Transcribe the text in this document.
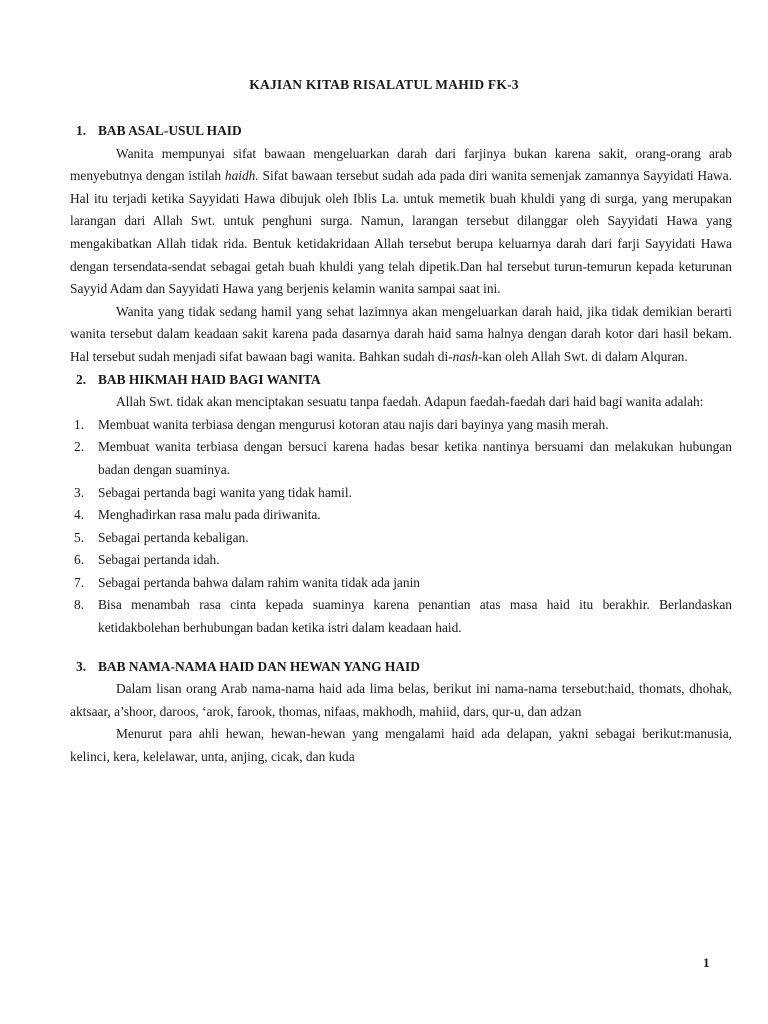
KAJIAN KITAB RISALATUL MAHID FK-3
1. BAB ASAL-USUL HAID
Wanita mempunyai sifat bawaan mengeluarkan darah dari farjinya bukan karena sakit, orang-orang arab menyebutnya dengan istilah haidh. Sifat bawaan tersebut sudah ada pada diri wanita semenjak zamannya Sayyidati Hawa. Hal itu terjadi ketika Sayyidati Hawa dibujuk oleh Iblis La. untuk memetik buah khuldi yang di surga, yang merupakan larangan dari Allah Swt. untuk penghuni surga. Namun, larangan tersebut dilanggar oleh Sayyidati Hawa yang mengakibatkan Allah tidak rida. Bentuk ketidakridaan Allah tersebut berupa keluarnya darah dari farji Sayyidati Hawa dengan tersendata-sendat sebagai getah buah khuldi yang telah dipetik.Dan hal tersebut turun-temurun kepada keturunan Sayyid Adam dan Sayyidati Hawa yang berjenis kelamin wanita sampai saat ini.
Wanita yang tidak sedang hamil yang sehat lazimnya akan mengeluarkan darah haid, jika tidak demikian berarti wanita tersebut dalam keadaan sakit karena pada dasarnya darah haid sama halnya dengan darah kotor dari hasil bekam. Hal tersebut sudah menjadi sifat bawaan bagi wanita. Bahkan sudah di-nash-kan oleh Allah Swt. di dalam Alquran.
2. BAB HIKMAH HAID BAGI WANITA
Allah Swt. tidak akan menciptakan sesuatu tanpa faedah. Adapun faedah-faedah dari haid bagi wanita adalah:
1. Membuat wanita terbiasa dengan mengurusi kotoran atau najis dari bayinya yang masih merah.
2. Membuat wanita terbiasa dengan bersuci karena hadas besar ketika nantinya bersuami dan melakukan hubungan badan dengan suaminya.
3. Sebagai pertanda bagi wanita yang tidak hamil.
4. Menghadirkan rasa malu pada diriwanita.
5. Sebagai pertanda kebaligan.
6. Sebagai pertanda idah.
7. Sebagai pertanda bahwa dalam rahim wanita tidak ada janin
8. Bisa menambah rasa cinta kepada suaminya karena penantian atas masa haid itu berakhir. Berlandaskan ketidakbolehan berhubungan badan ketika istri dalam keadaan haid.
3. BAB NAMA-NAMA HAID DAN HEWAN YANG HAID
Dalam lisan orang Arab nama-nama haid ada lima belas, berikut ini nama-nama tersebut:haid, thomats, dhohak, aktsaar, a’shoor, daroos, ‘arok, farook, thomas, nifaas, makhodh, mahiid, dars, qur-u, dan adzan
Menurut para ahli hewan, hewan-hewan yang mengalami haid ada delapan, yakni sebagai berikut:manusia, kelinci, kera, kelelawar, unta, anjing, cicak, dan kuda
1
